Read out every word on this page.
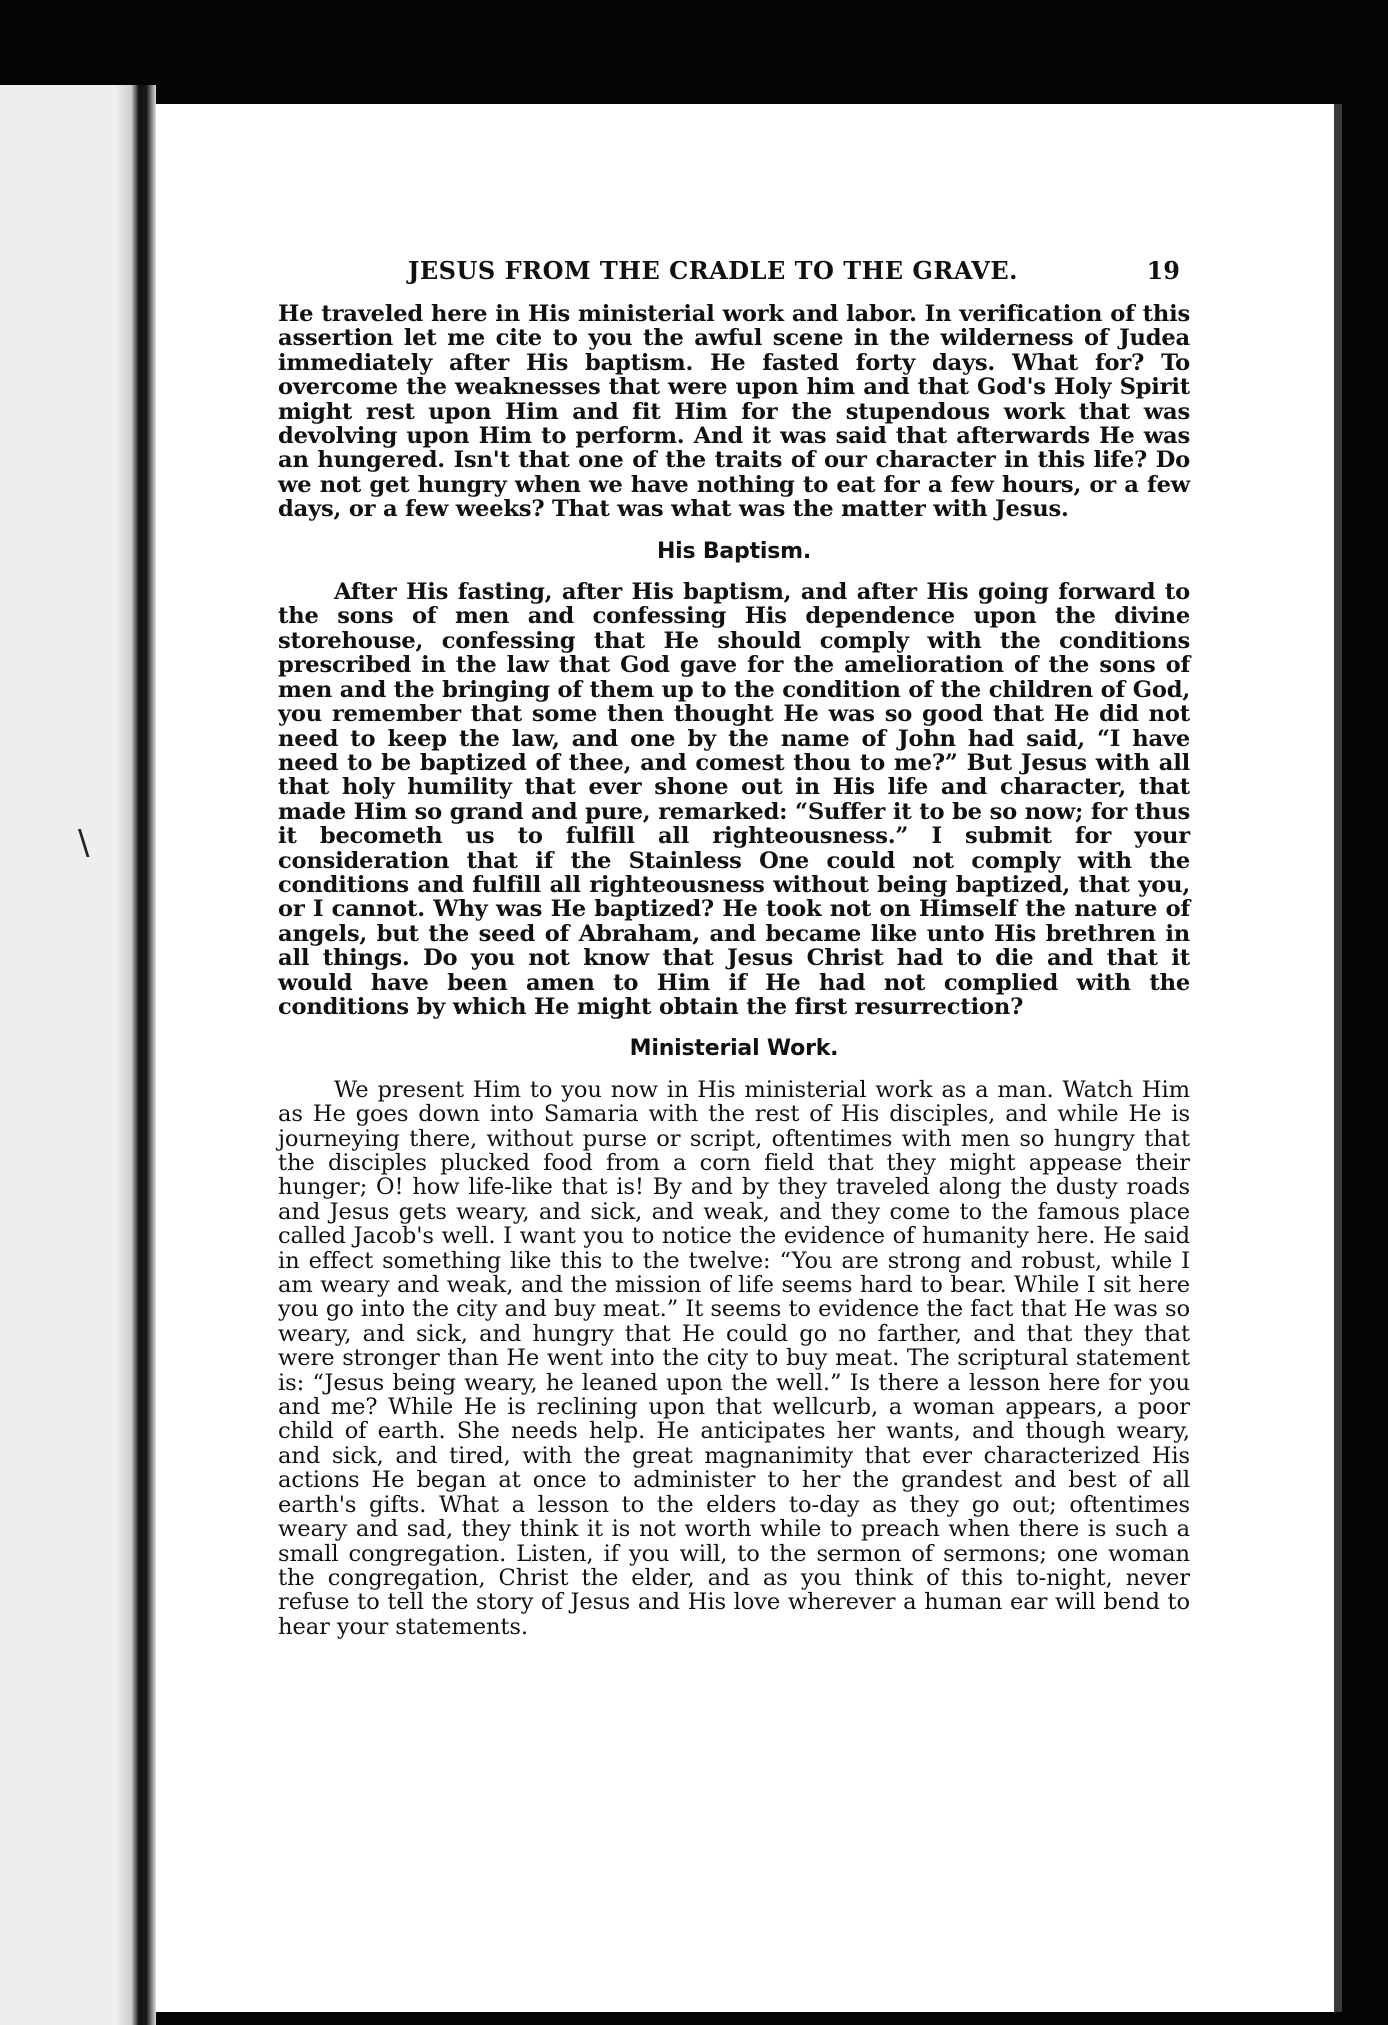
\
JESUS FROM THE CRADLE TO THE GRAVE.	19

He traveled here in His ministerial work and labor. In verification of this assertion let me cite to you the awful scene in the wilderness of Judea immediately after His baptism. He fasted forty days. What for? To overcome the weaknesses that were upon him and that God's Holy Spirit might rest upon Him and fit Him for the stupendous work that was devolving upon Him to perform. And it was said that afterwards He was an hungered. Isn't that one of the traits of our character in this life? Do we not get hungry when we have nothing to eat for a few hours, or a few days, or a few weeks? That was what was the matter with Jesus.

His Baptism.

After His fasting, after His baptism, and after His going forward to the sons of men and confessing His dependence upon the divine storehouse, confessing that He should comply with the conditions prescribed in the law that God gave for the amelioration of the sons of men and the bringing of them up to the condition of the children of God, you remember that some then thought He was so good that He did not need to keep the law, and one by the name of John had said, “I have need to be baptized of thee, and comest thou to me?” But Jesus with all that holy humility that ever shone out in His life and character, that made Him so grand and pure, remarked: “Suffer it to be so now; for thus it becometh us to fulfill all righteousness.” I submit for your consideration that if the Stainless One could not comply with the conditions and fulfill all righteousness without being baptized, that you, or I cannot. Why was He baptized? He took not on Himself the nature of angels, but the seed of Abraham, and became like unto His brethren in all things. Do you not know that Jesus Christ had to die and that it would have been amen to Him if He had not complied with the conditions by which He might obtain the first resurrection?

Ministerial Work.

We present Him to you now in His ministerial work as a man. Watch Him as He goes down into Samaria with the rest of His disciples, and while He is journeying there, without purse or script, oftentimes with men so hungry that the disciples plucked food from a corn field that they might appease their hunger; O! how life-like that is! By and by they traveled along the dusty roads and Jesus gets weary, and sick, and weak, and they come to the famous place called Jacob's well. I want you to notice the evidence of humanity here. He said in effect something like this to the twelve: “You are strong and robust, while I am weary and weak, and the mission of life seems hard to bear. While I sit here you go into the city and buy meat.” It seems to evidence the fact that He was so weary, and sick, and hungry that He could go no farther, and that they that were stronger than He went into the city to buy meat. The scriptural statement is: “Jesus being weary, he leaned upon the well.” Is there a lesson here for you and me? While He is reclining upon that wellcurb, a woman appears, a poor child of earth. She needs help. He anticipates her wants, and though weary, and sick, and tired, with the great magnanimity that ever characterized His actions He began at once to administer to her the grandest and best of all earth's gifts. What a lesson to the elders to-day as they go out; oftentimes weary and sad, they think it is not worth while to preach when there is such a small congregation. Listen, if you will, to the sermon of sermons; one woman the congregation, Christ the elder, and as you think of this to-night, never refuse to tell the story of Jesus and His love wherever a human ear will bend to hear your statements.
